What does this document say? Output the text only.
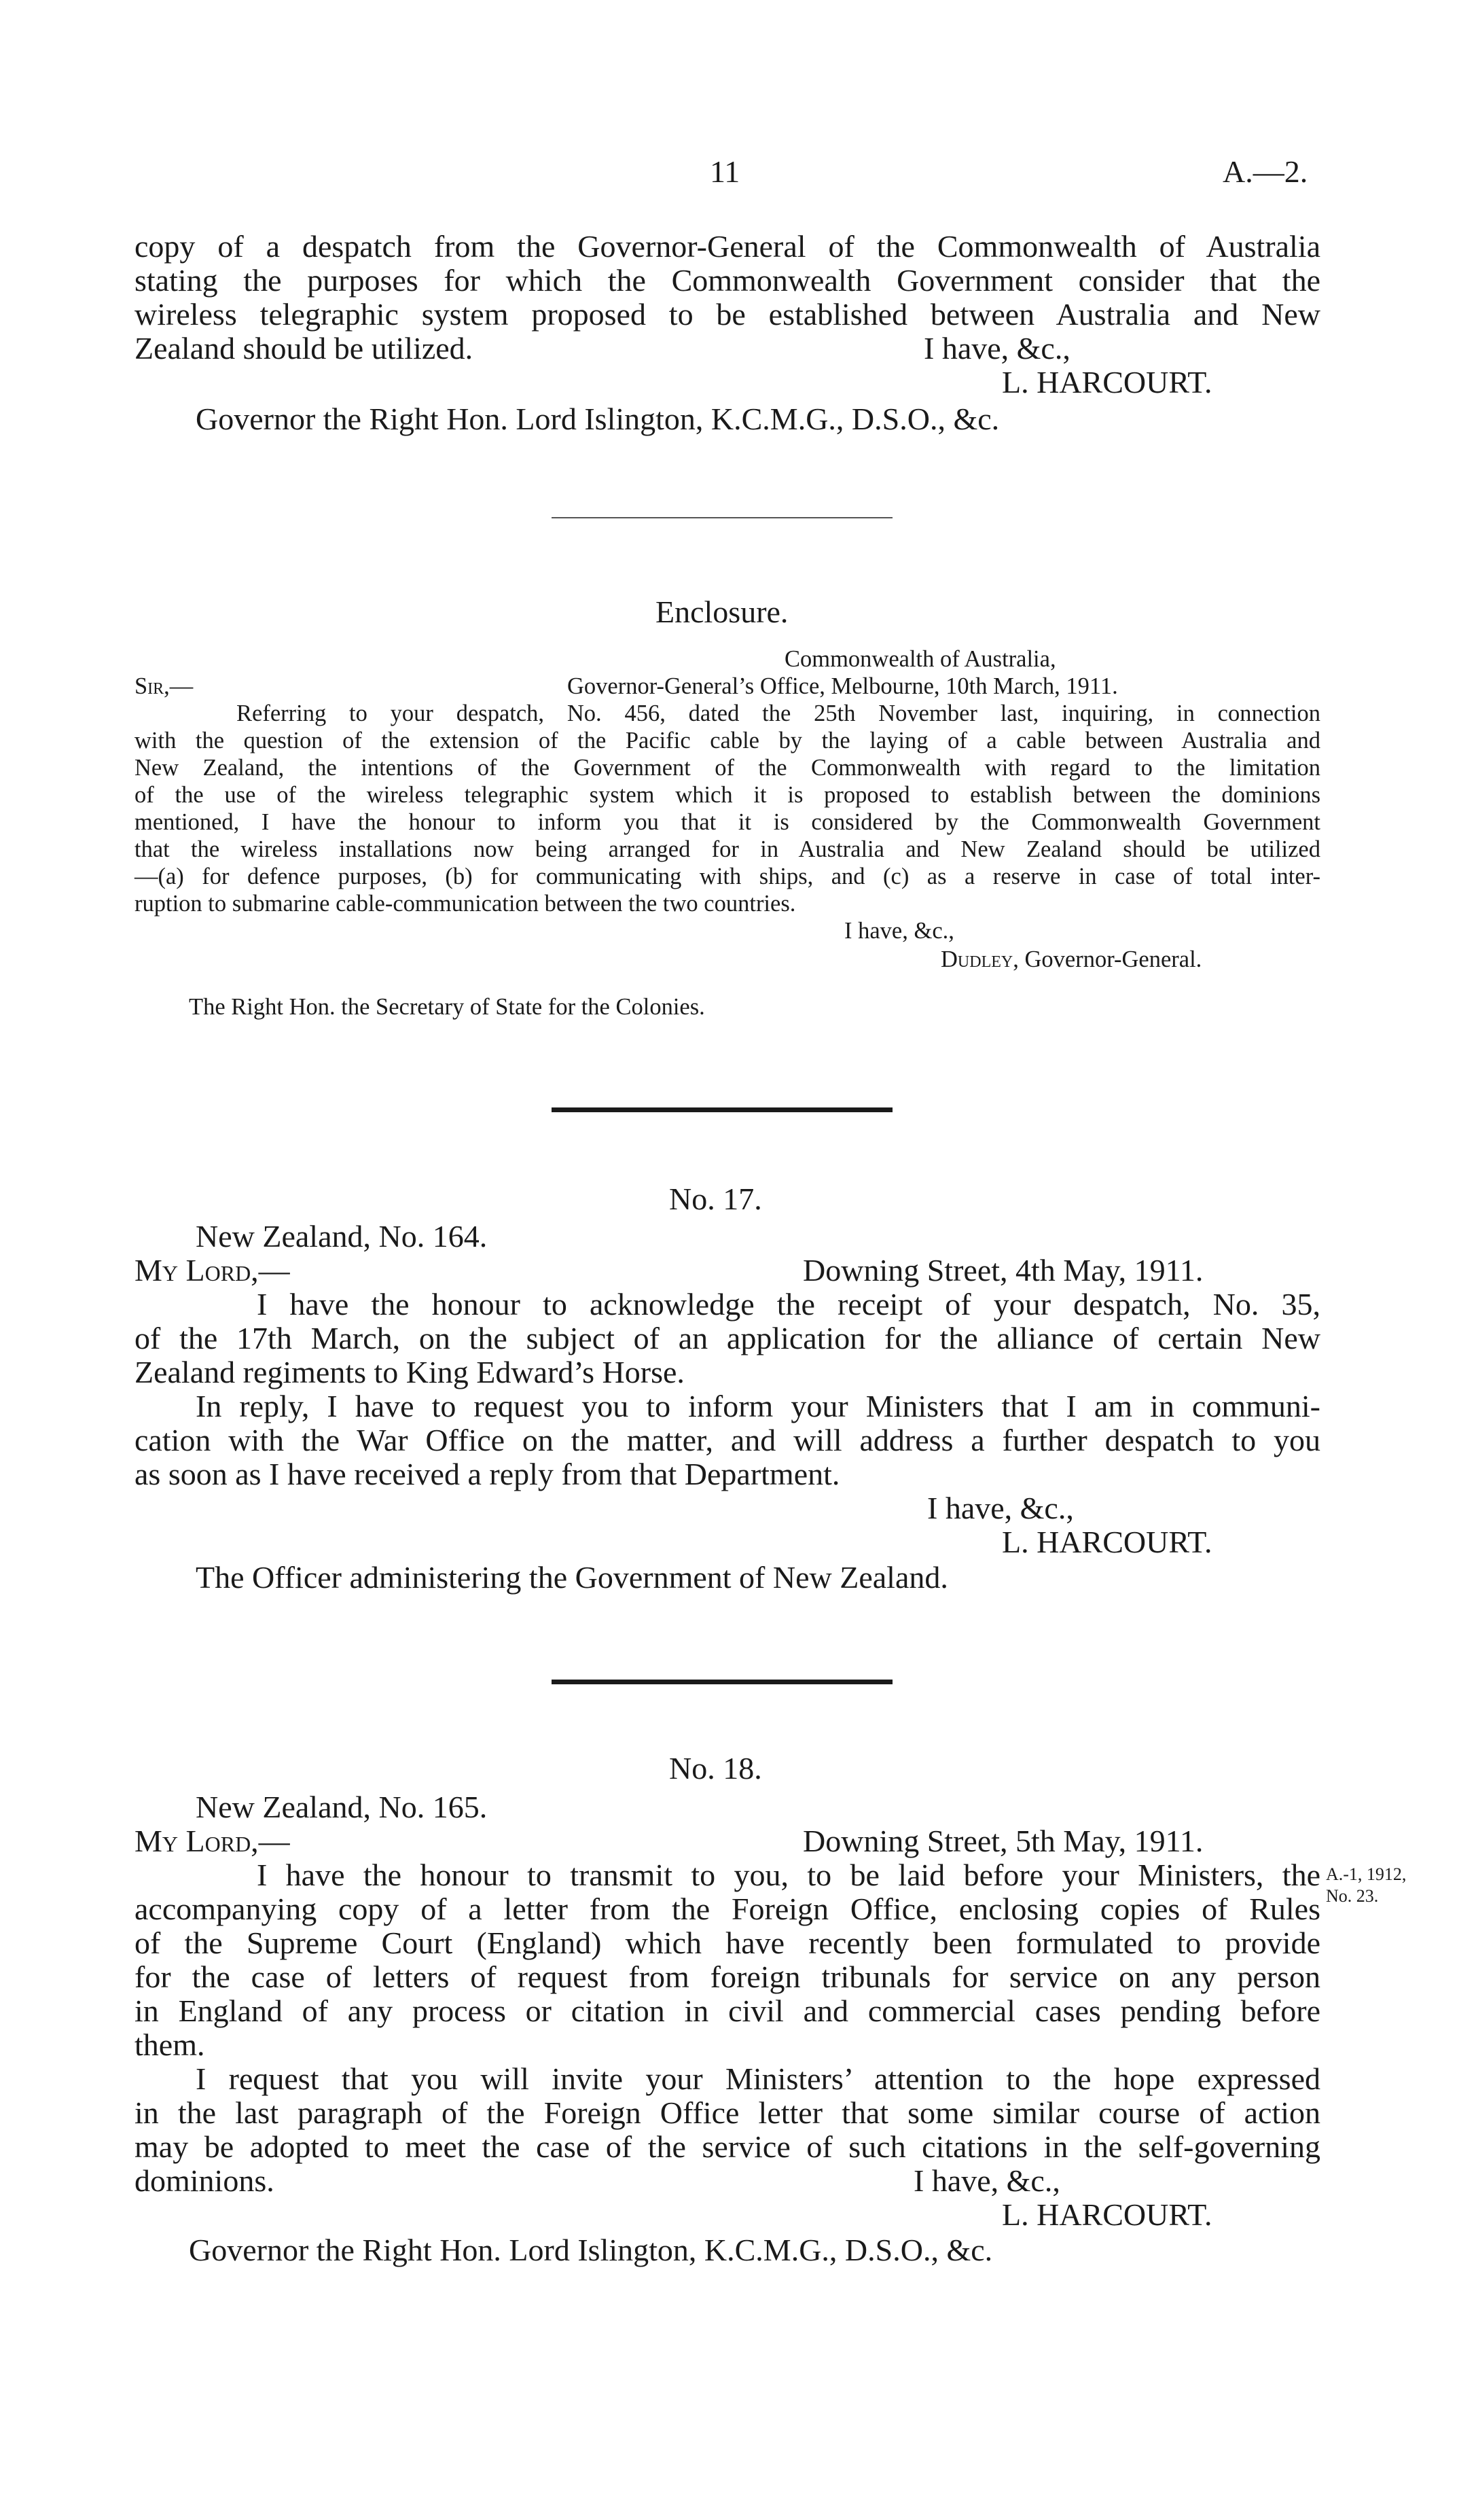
11	A.—2.
copy of a despatch from the Governor-General of the Commonwealth of Australia
stating the purposes for which the Commonwealth Government consider that the
wireless telegraphic system proposed to be established between Australia and New
Zealand should be utilized.	I have, &c.,
L. HARCOURT.
Governor the Right Hon. Lord Islington, K.C.M.G., D.S.O., &c.
Enclosure.
Commonwealth of Australia,
Sir,—	Governor-General’s Office, Melbourne, 10th March, 1911.
Referring to your despatch, No. 456, dated the 25th November last, inquiring, in connection
with the question of the extension of the Pacific cable by the laying of a cable between Australia and
New Zealand, the intentions of the Government of the Commonwealth with regard to the limitation
of the use of the wireless telegraphic system which it is proposed to establish between the dominions
mentioned, I have the honour to inform you that it is considered by the Commonwealth Government
that the wireless installations now being arranged for in Australia and New Zealand should be utilized
—(a) for defence purposes, (b) for communicating with ships, and (c) as a reserve in case of total inter-
ruption to submarine cable-communication between the two countries.
I have, &c.,
Dudley, Governor-General.
The Right Hon. the Secretary of State for the Colonies.
No. 17.
New Zealand, No. 164.
My Lord,—	Downing Street, 4th May, 1911.
I have the honour to acknowledge the receipt of your despatch, No. 35,
of the 17th March, on the subject of an application for the alliance of certain New
Zealand regiments to King Edward’s Horse.
In reply, I have to request you to inform your Ministers that I am in communi-
cation with the War Office on the matter, and will address a further despatch to you
as soon as I have received a reply from that Department.
I have, &c.,
L. HARCOURT.
The Officer administering the Government of New Zealand.
No. 18.
New Zealand, No. 165.
My Lord,—	Downing Street, 5th May, 1911.
I have the honour to transmit to you, to be laid before your Ministers, the
accompanying copy of a letter from the Foreign Office, enclosing copies of Rules
of the Supreme Court (England) which have recently been formulated to provide
for the case of letters of request from foreign tribunals for service on any person
in England of any process or citation in civil and commercial cases pending before
them.
I request that you will invite your Ministers’ attention to the hope expressed
in the last paragraph of the Foreign Office letter that some similar course of action
may be adopted to meet the case of the service of such citations in the self-governing
dominions.	I have, &c.,
L. HARCOURT.
Governor the Right Hon. Lord Islington, K.C.M.G., D.S.O., &c.
A.-1, 1912,
No. 23.
